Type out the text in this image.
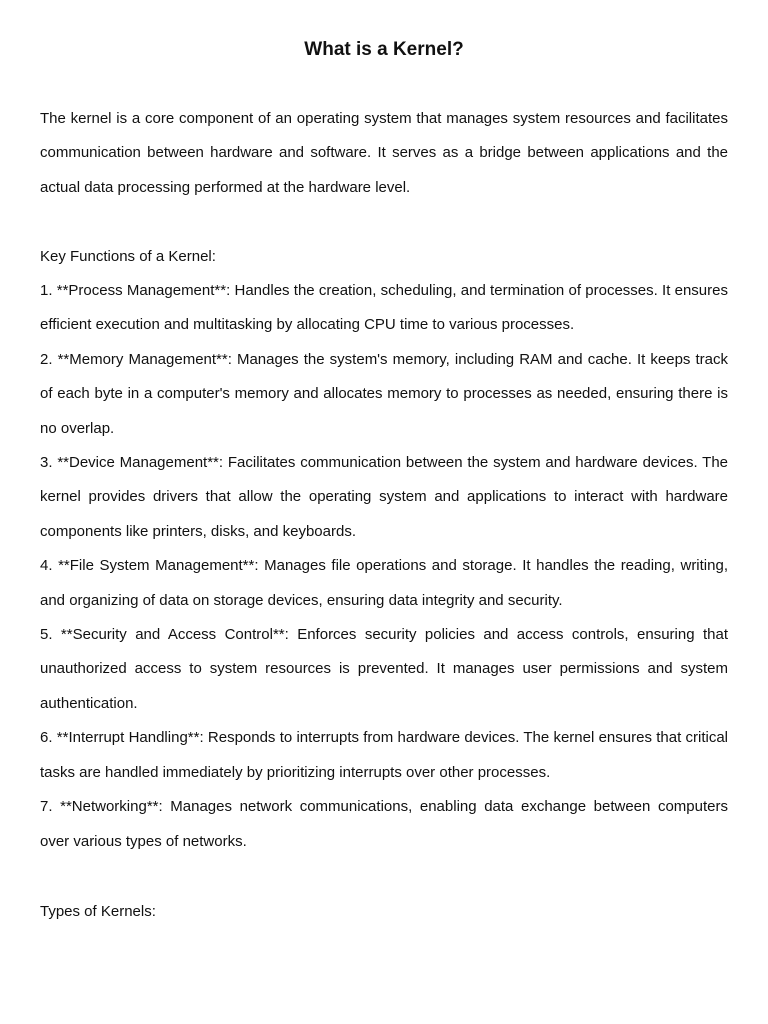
What is a Kernel?

The kernel is a core component of an operating system that manages system resources and facilitates communication between hardware and software. It serves as a bridge between applications and the actual data processing performed at the hardware level.

Key Functions of a Kernel:

1. **Process Management**: Handles the creation, scheduling, and termination of processes. It ensures efficient execution and multitasking by allocating CPU time to various processes.
2. **Memory Management**: Manages the system's memory, including RAM and cache. It keeps track of each byte in a computer's memory and allocates memory to processes as needed, ensuring there is no overlap.
3. **Device Management**: Facilitates communication between the system and hardware devices. The kernel provides drivers that allow the operating system and applications to interact with hardware components like printers, disks, and keyboards.
4. **File System Management**: Manages file operations and storage. It handles the reading, writing, and organizing of data on storage devices, ensuring data integrity and security.
5. **Security and Access Control**: Enforces security policies and access controls, ensuring that unauthorized access to system resources is prevented. It manages user permissions and system authentication.
6. **Interrupt Handling**: Responds to interrupts from hardware devices. The kernel ensures that critical tasks are handled immediately by prioritizing interrupts over other processes.
7. **Networking**: Manages network communications, enabling data exchange between computers over various types of networks.

Types of Kernels:
